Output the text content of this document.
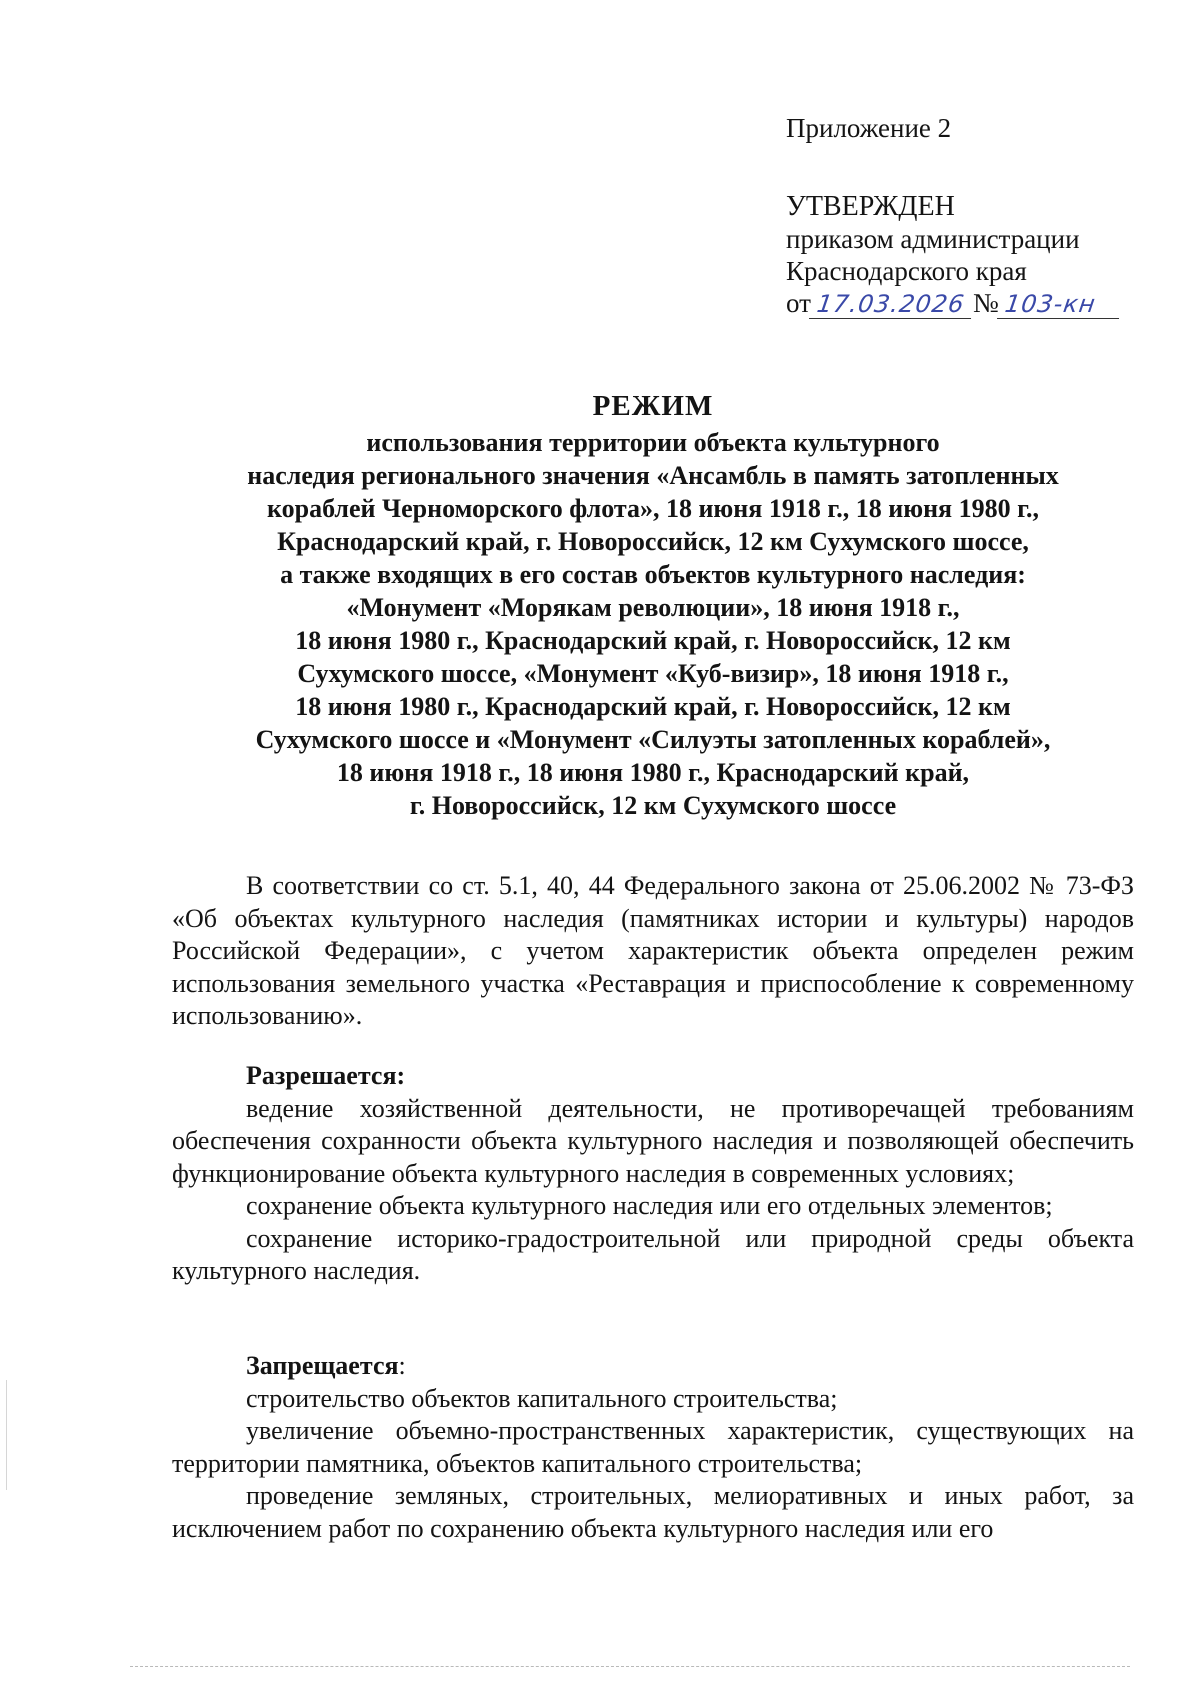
Приложение 2

УТВЕРЖДЕН

приказом администрации

Краснодарского края

от 17.03.2026 № 103-кн

РЕЖИМ

использования территории объекта культурного

наследия регионального значения «Ансамбль в память затопленных

кораблей Черноморского флота», 18 июня 1918 г., 18 июня 1980 г.,

Краснодарский край, г. Новороссийск, 12 км Сухумского шоссе,

а также входящих в его состав объектов культурного наследия:

«Монумент «Морякам революции», 18 июня 1918 г.,

18 июня 1980 г., Краснодарский край, г. Новороссийск, 12 км

Сухумского шоссе, «Монумент «Куб-визир», 18 июня 1918 г.,

18 июня 1980 г., Краснодарский край, г. Новороссийск, 12 км

Сухумского шоссе и «Монумент «Силуэты затопленных кораблей»,

18 июня 1918 г., 18 июня 1980 г., Краснодарский край,

г. Новороссийск, 12 км Сухумского шоссе

В соответствии со ст. 5.1, 40, 44 Федерального закона от 25.06.2002 № 73-ФЗ «Об объектах культурного наследия (памятниках истории и культуры) народов Российской Федерации», с учетом характеристик объекта определен режим использования земельного участка «Реставрация и приспособление к современному использованию».

Разрешается:

ведение хозяйственной деятельности, не противоречащей требованиям обеспечения сохранности объекта культурного наследия и позволяющей обеспечить функционирование объекта культурного наследия в современных условиях;

сохранение объекта культурного наследия или его отдельных элементов;

сохранение историко-градостроительной или природной среды объекта культурного наследия.

Запрещается:

строительство объектов капитального строительства;

увеличение объемно-пространственных характеристик, существующих на территории памятника, объектов капитального строительства;

проведение земляных, строительных, мелиоративных и иных работ, за исключением работ по сохранению объекта культурного наследия или его
